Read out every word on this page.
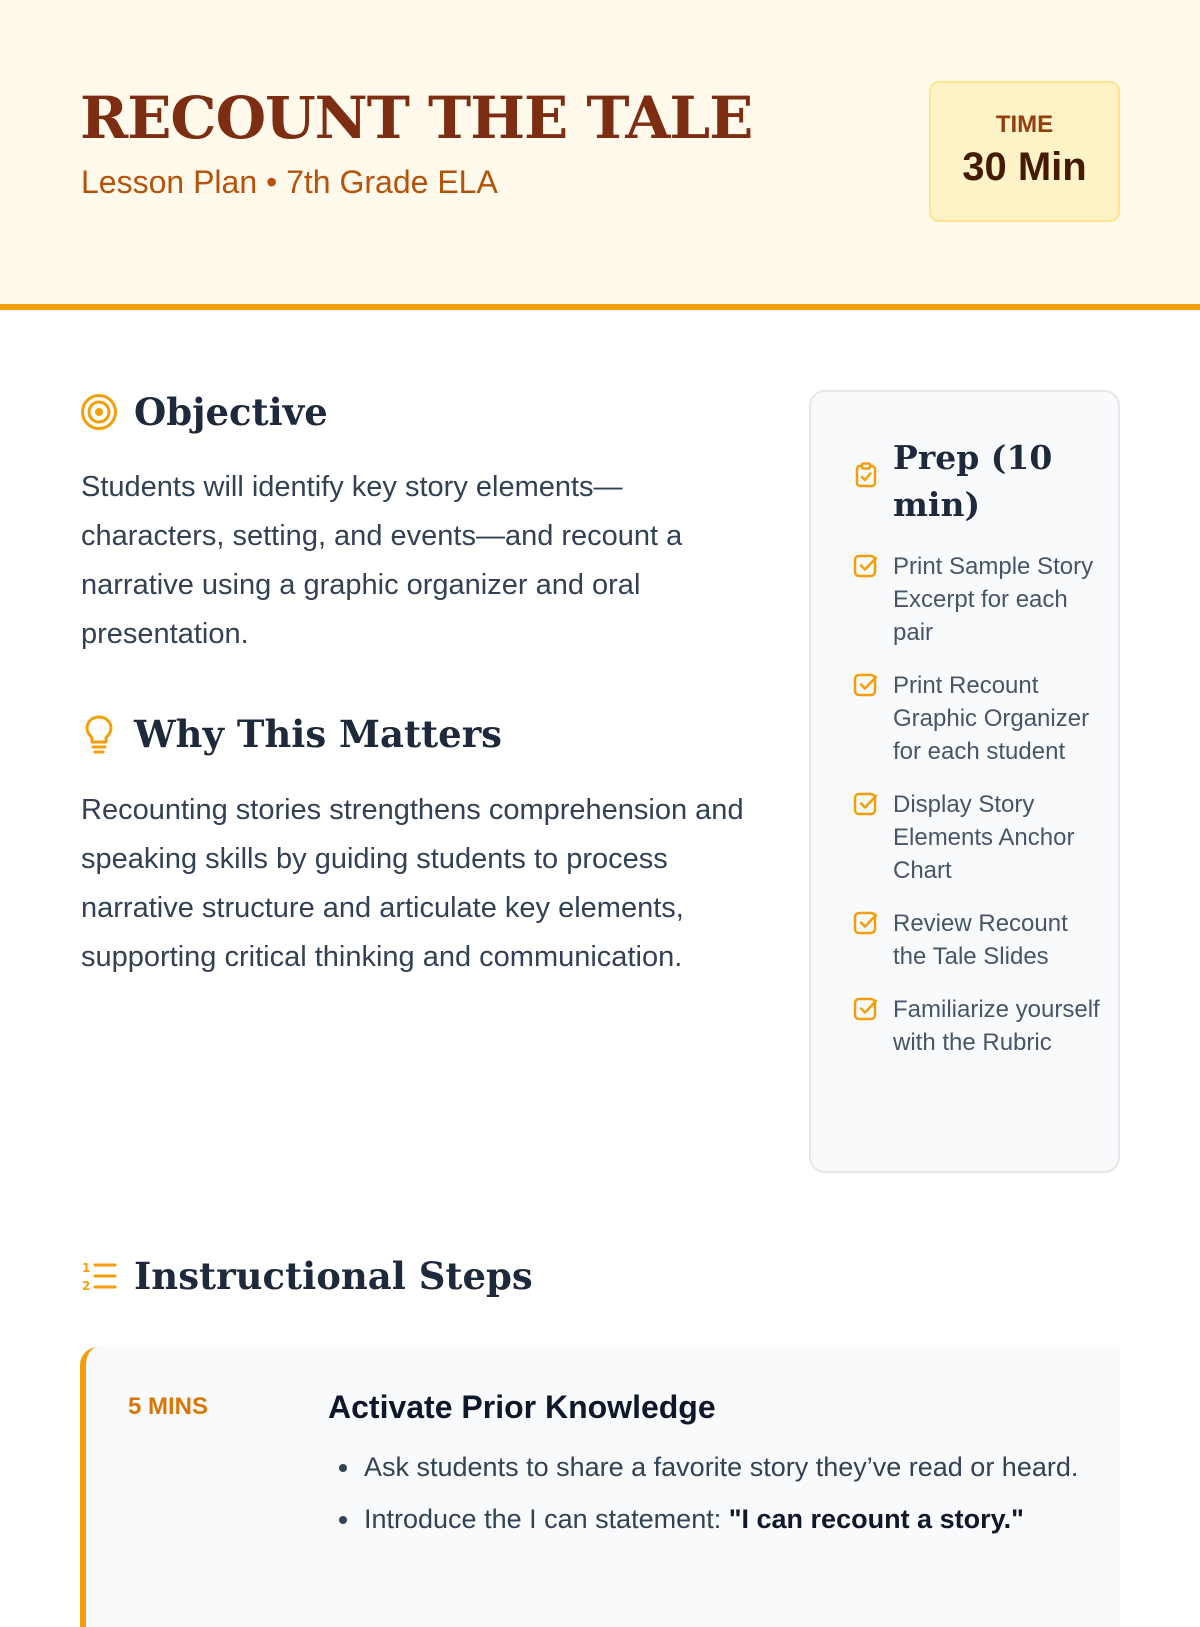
RECOUNT THE TALE
Lesson Plan • 7th Grade ELA
TIME
30 Min
Objective

Students will identify key story elements—characters, setting, and events—and recount a narrative using a graphic organizer and oral presentation.

Why This Matters

Recounting stories strengthens comprehension and speaking skills by guiding students to process narrative structure and articulate key elements, supporting critical thinking and communication.

Prep (10 min)
Print Sample Story Excerpt for each pair
Print Recount Graphic Organizer for each student
Display Story Elements Anchor Chart
Review Recount the Tale Slides
Familiarize yourself with the Rubric
1
2 Instructional Steps
5 MINS	Activate Prior Knowledge
• Ask students to share a favorite story they’ve read or heard.
• Introduce the I can statement: "I can recount a story."
